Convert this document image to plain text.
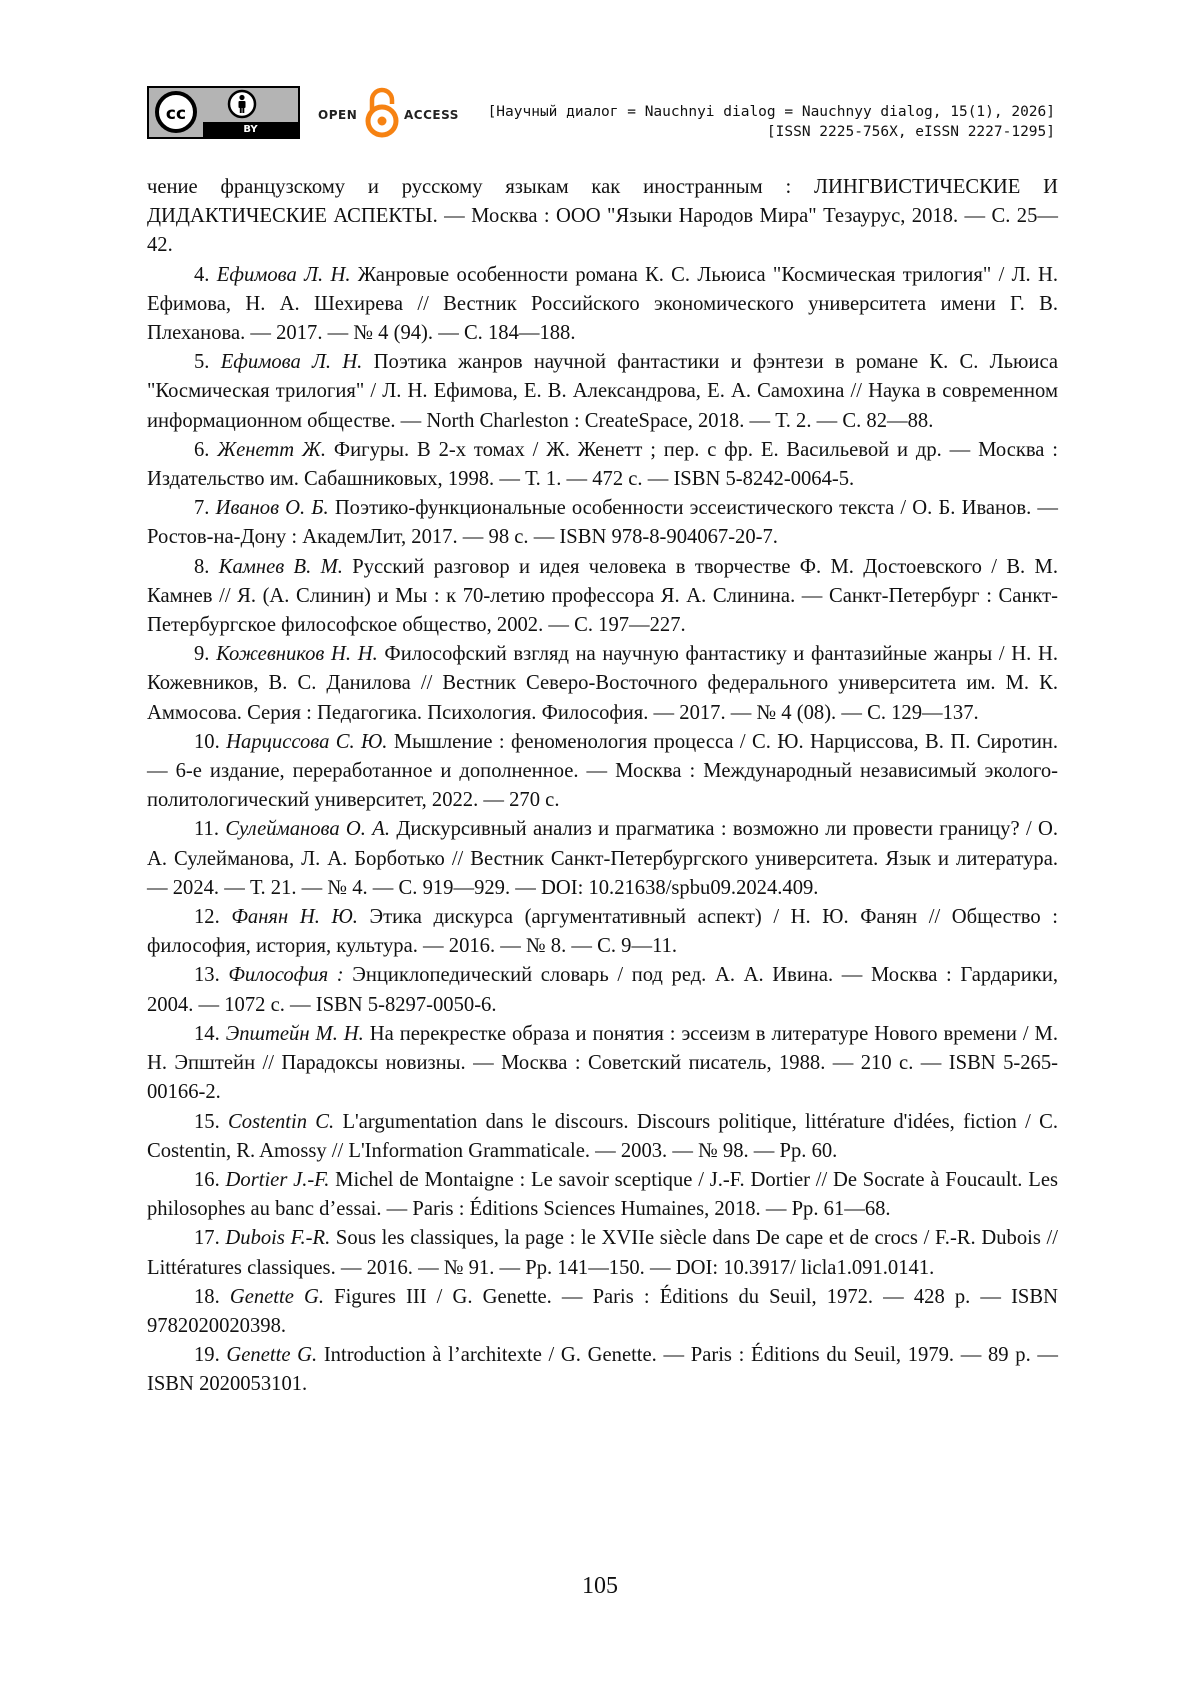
cc
BY
OPEN	ACCESS [Научный диалог = Nauchnyi dialog = Nauchnyy dialog, 15(1), 2026]
[ISSN 2225-756X, eISSN 2227-1295]

чение французскому и русскому языкам как иностранным : ЛИНГВИСТИЧЕСКИЕ И ДИДАКТИЧЕСКИЕ АСПЕКТЫ. — Москва : ООО "Языки Народов Мира" Тезаурус, 2018. — С. 25—42.

4. Ефимова Л. Н. Жанровые особенности романа К. С. Льюиса "Космическая трилогия" / Л. Н. Ефимова, Н. А. Шехирева // Вестник Российского экономического университета имени Г. В. Плеханова. — 2017. — № 4 (94). — С. 184—188.

5. Ефимова Л. Н. Поэтика жанров научной фантастики и фэнтези в романе К. С. Льюиса "Космическая трилогия" / Л. Н. Ефимова, Е. В. Александрова, Е. А. Самохина // Наука в современном информационном обществе. — North Charleston : CreateSpace, 2018. — Т. 2. — С. 82—88.

6. Женетт Ж. Фигуры. В 2-х томах / Ж. Женетт ; пер. с фр. Е. Васильевой и др. — Москва : Издательство им. Сабашниковых, 1998. — Т. 1. — 472 с. — ISBN 5-8242-0064-5.

7. Иванов О. Б. Поэтико-функциональные особенности эссеистического текста / О. Б. Иванов. — Ростов-на-Дону : АкадемЛит, 2017. — 98 с. — ISBN 978-8-904067-20-7.

8. Камнев В. М. Русский разговор и идея человека в творчестве Ф. М. Достоевского / В. М. Камнев // Я. (А. Слинин) и Мы : к 70-летию профессора Я. А. Слинина. — Санкт-Петербург : Санкт-Петербургское философское общество, 2002. — С. 197—227.

9. Кожевников Н. Н. Философский взгляд на научную фантастику и фантазийные жанры / Н. Н. Кожевников, В. С. Данилова // Вестник Северо-Восточного федерального университета им. М. К. Аммосова. Серия : Педагогика. Психология. Философия. — 2017. — № 4 (08). — С. 129—137.

10. Нарциссова С. Ю. Мышление : феноменология процесса / С. Ю. Нарциссова, В. П. Сиротин. — 6-е издание, переработанное и дополненное. — Москва : Международный независимый эколого-политологический университет, 2022. — 270 с.

11. Сулейманова О. А. Дискурсивный анализ и прагматика : возможно ли провести границу? / О. А. Сулейманова, Л. А. Борботько // Вестник Санкт-Петербургского университета. Язык и литература. — 2024. — Т. 21. — № 4. — С. 919—929. — DOI: 10.21638/spbu09.2024.409.

12. Фанян Н. Ю. Этика дискурса (аргументативный аспект) / Н. Ю. Фанян // Общество : философия, история, культура. — 2016. — № 8. — С. 9—11.

13. Философия : Энциклопедический словарь / под ред. А. А. Ивина. — Москва : Гардарики, 2004. — 1072 с. — ISBN 5-8297-0050-6.

14. Эпштейн М. Н. На перекрестке образа и понятия : эссеизм в литературе Нового времени / М. Н. Эпштейн // Парадоксы новизны. — Москва : Советский писатель, 1988. — 210 с. — ISBN 5-265-00166-2.

15. Costentin C. L'argumentation dans le discours. Discours politique, littérature d'idées, fiction / C. Costentin, R. Amossy // L'Information Grammaticale. — 2003. — № 98. — Pp. 60.

16. Dortier J.-F. Michel de Montaigne : Le savoir sceptique / J.-F. Dortier // De Socrate à Foucault. Les philosophes au banc d’essai. — Paris : Éditions Sciences Humaines, 2018. — Pp. 61—68.

17. Dubois F.-R. Sous les classiques, la page : le XVIIe siècle dans De cape et de crocs / F.-R. Dubois // Littératures classiques. — 2016. — № 91. — Pp. 141—150. — DOI: 10.3917/ licla1.091.0141.

18. Genette G. Figures III / G. Genette. — Paris : Éditions du Seuil, 1972. — 428 p. — ISBN 9782020020398.

19. Genette G. Introduction à l’architexte / G. Genette. — Paris : Éditions du Seuil, 1979. — 89 p. — ISBN 2020053101.

105
